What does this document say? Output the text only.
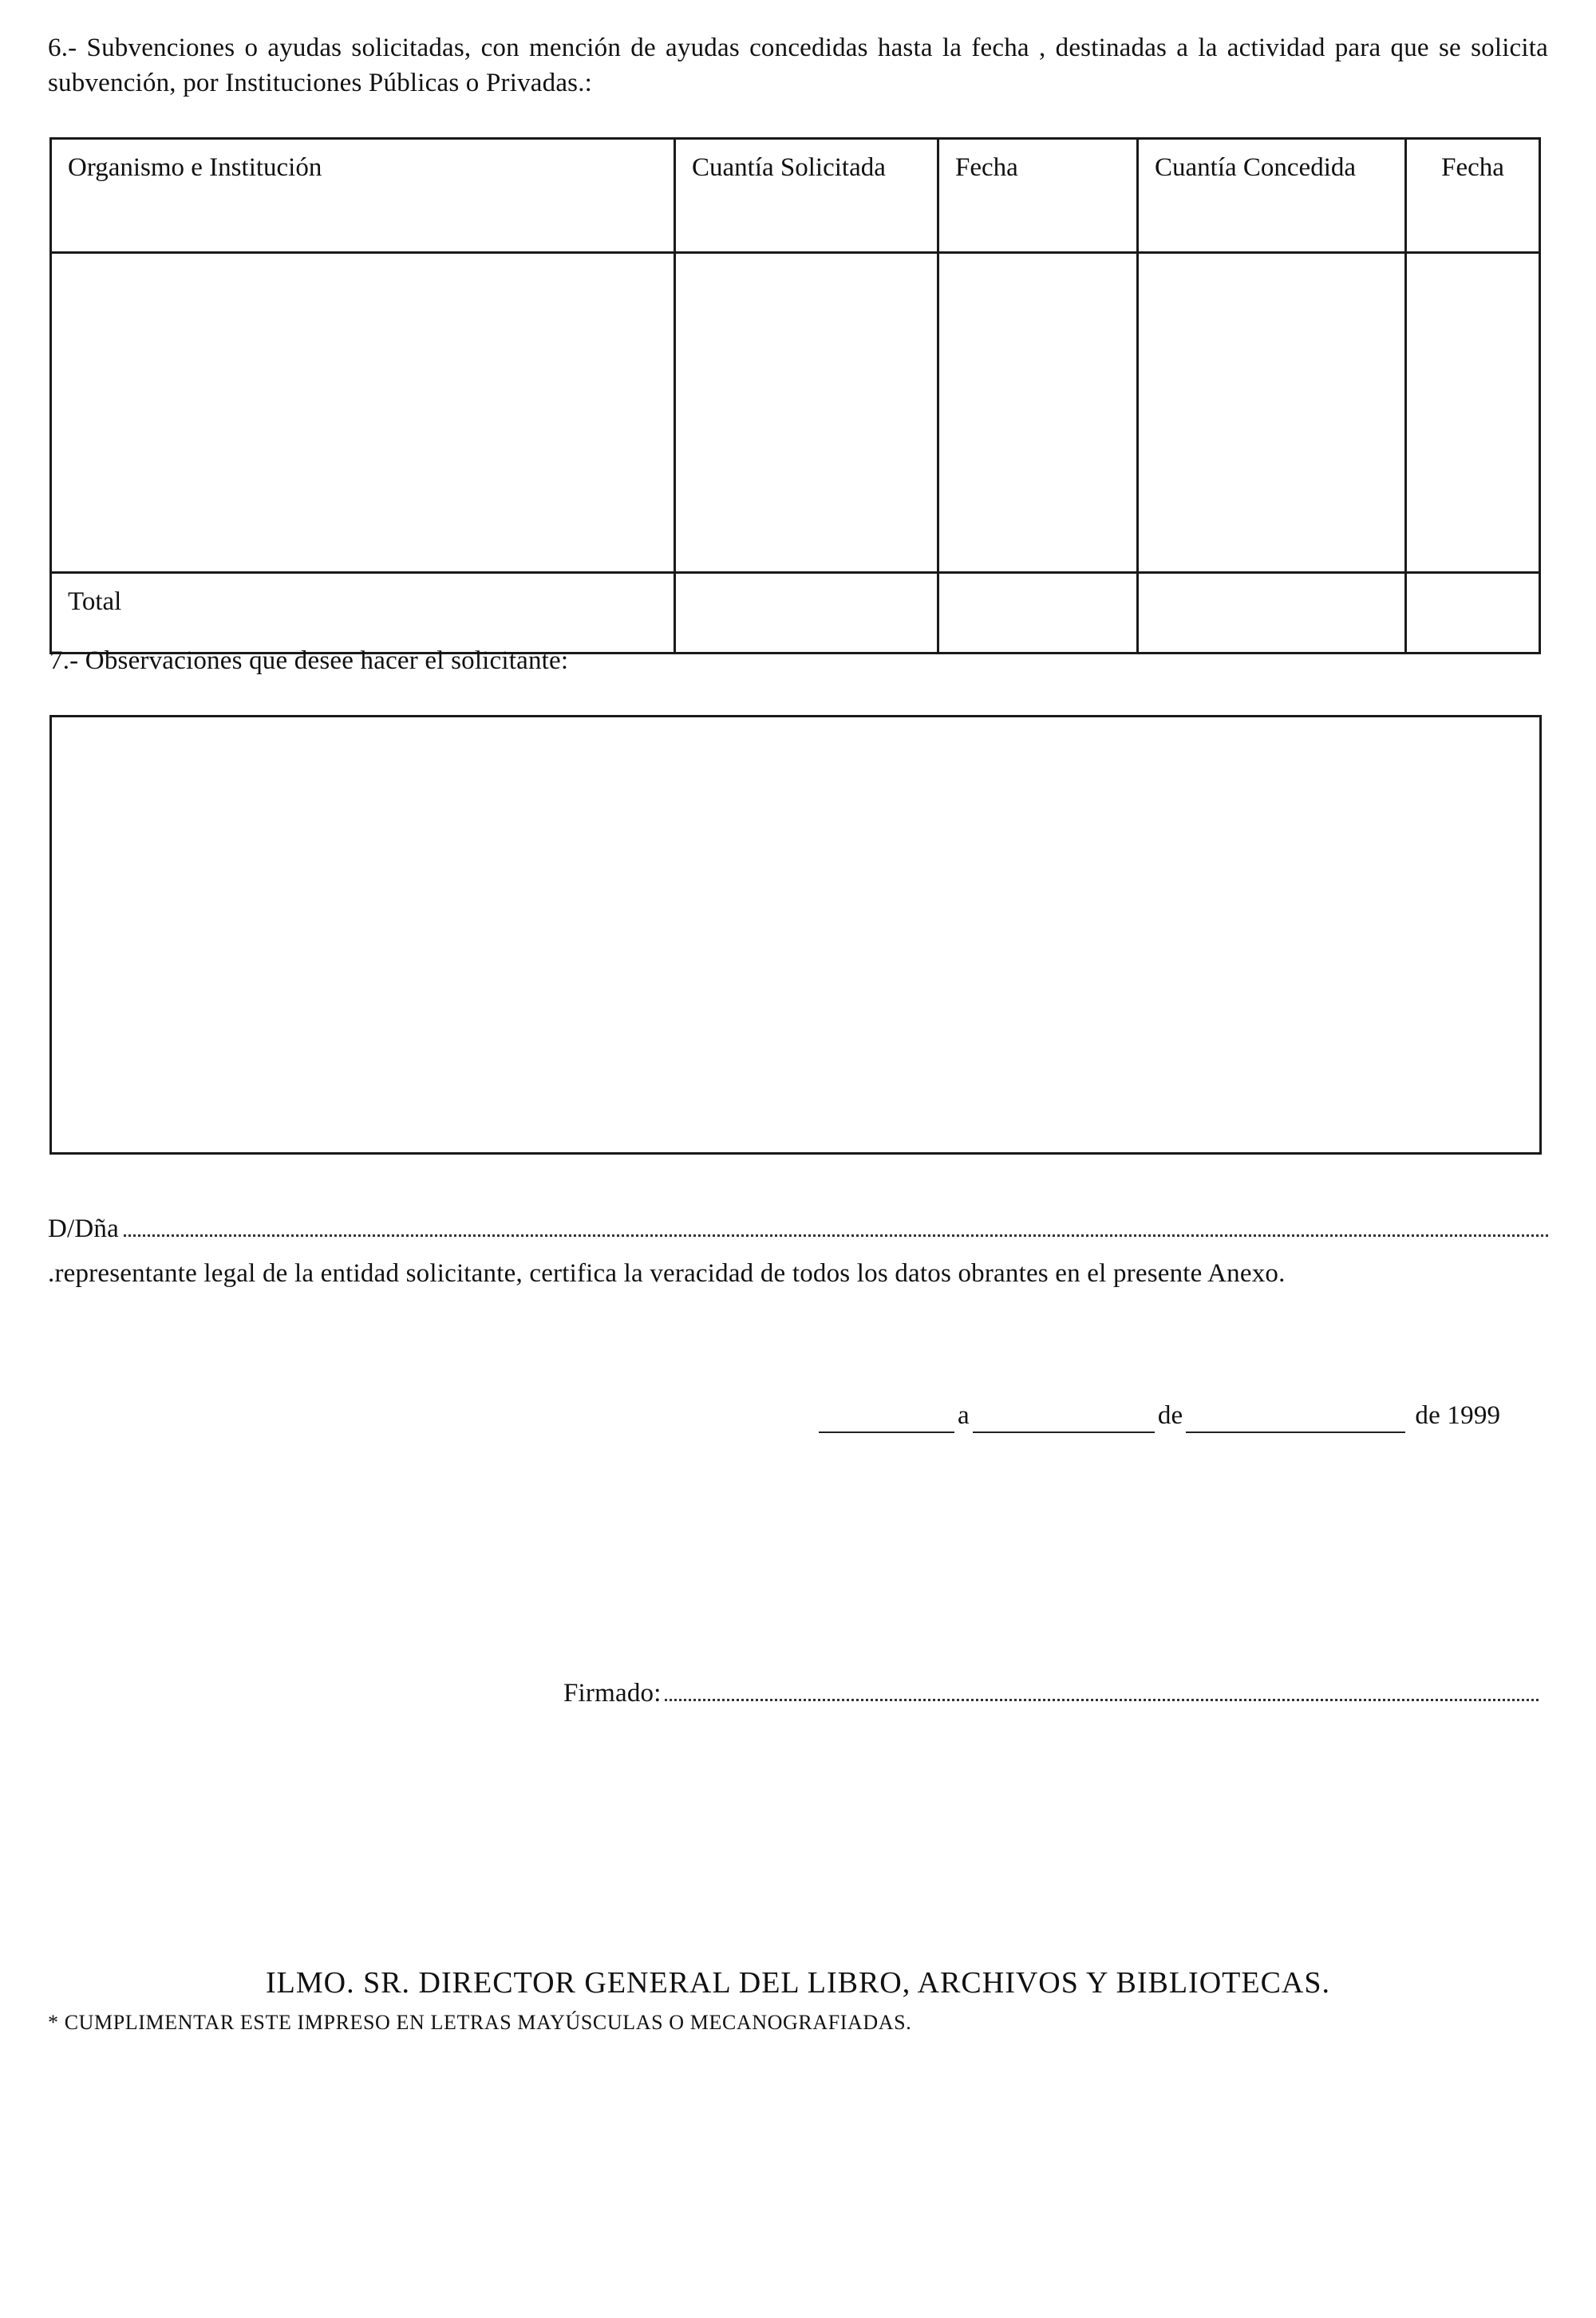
6.- Subvenciones o ayudas solicitadas, con mención de ayudas concedidas hasta la fecha , destinadas a la actividad para que se solicita subvención, por Instituciones Públicas o Privadas.:
Organismo e Institución	Cuantía Solicitada	Fecha	Cuantía Concedida	Fecha

Total				
7.- Observaciones que desee hacer el solicitante:
D/Dña
.representante legal de la entidad solicitante, certifica la veracidad de todos los datos obrantes en el presente Anexo.
a	de	de 1999
Firmado:
ILMO. SR. DIRECTOR GENERAL DEL LIBRO, ARCHIVOS Y BIBLIOTECAS.
* CUMPLIMENTAR ESTE IMPRESO EN LETRAS MAYÚSCULAS O MECANOGRAFIADAS.
